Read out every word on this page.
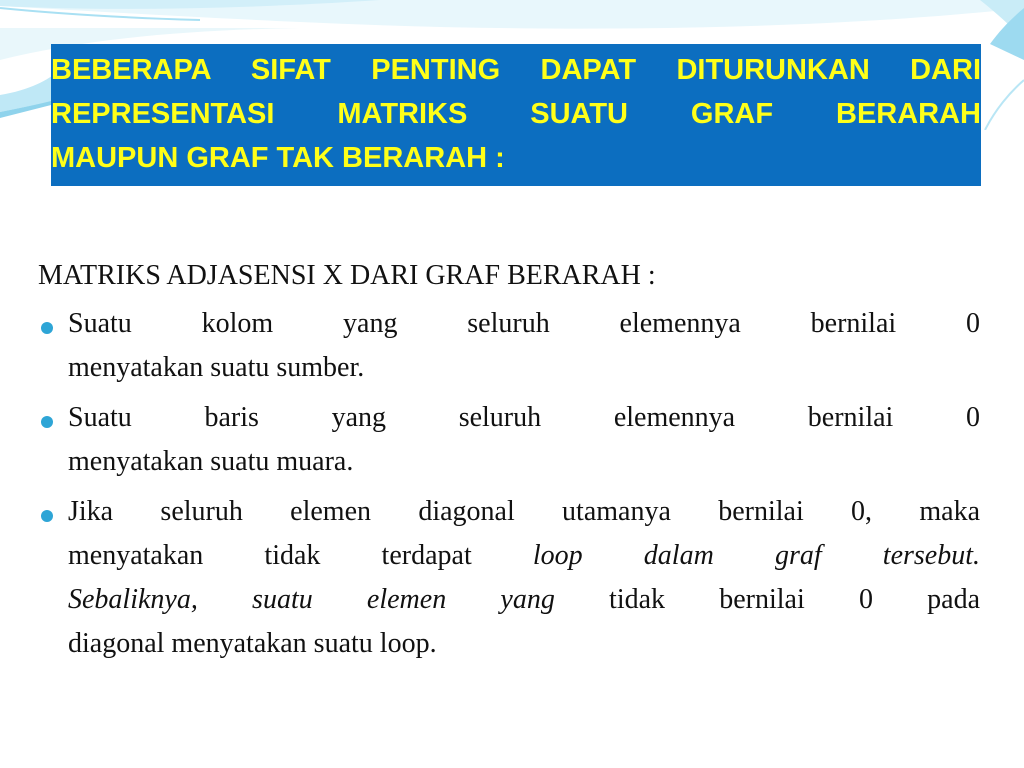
BEBERAPA SIFAT PENTING DAPAT DITURUNKAN DARI
REPRESENTASI MATRIKS SUATU GRAF BERARAH
MAUPUN GRAF TAK BERARAH :
MATRIKS ADJASENSI X DARI GRAF BERARAH :
Suatu kolom yang seluruh elemennya bernilai 0
menyatakan suatu sumber.
Suatu baris yang seluruh elemennya bernilai 0
menyatakan suatu muara.
Jika seluruh elemen diagonal utamanya bernilai 0, maka
menyatakan tidak terdapat loop dalam graf tersebut.
Sebaliknya, suatu elemen yang tidak bernilai 0 pada
diagonal menyatakan suatu loop.
